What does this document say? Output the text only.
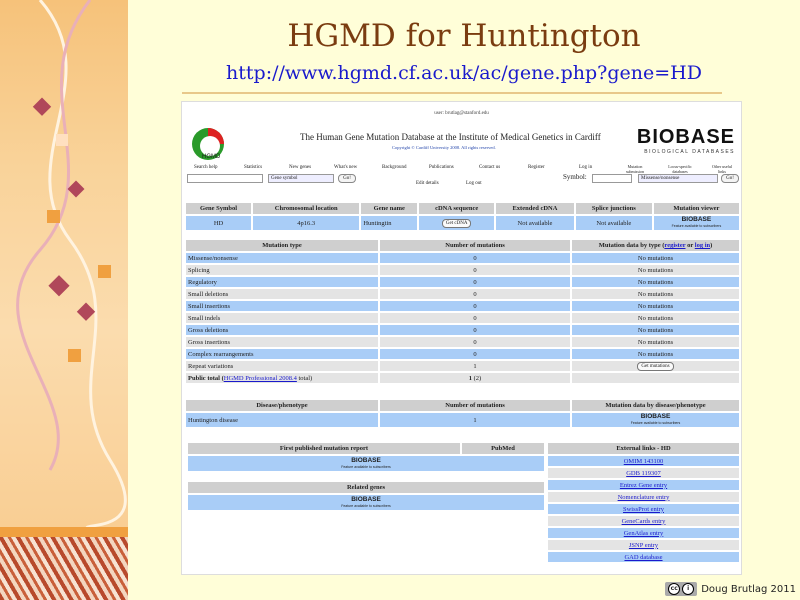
HGMD for Huntington
http://www.hgmd.cf.ac.uk/ac/gene.php?gene=HD
user: brutlag@stanford.edu
HGMD
The Human Gene Mutation Database at the Institute of Medical Genetics in Cardiff
Copyright © Cardiff University 2008. All rights reserved.	BIOBASE
BIOLOGICAL DATABASES
Search help	Statistics	New genes	What's new	Background	Publications	Contact us	Register	Log in	Mutation submission
Locus-specific databases
Other useful links
Gene symbol	Go!
Edit details	Log out
Symbol:	Missense/nonsense	Go!
Gene Symbol	Chromosomal location	Gene name	cDNA sequence	Extended cDNA	Splice junctions	Mutation viewer
HD	4p16.3	Huntingtin	Get cDNA	Not available	Not available	BIOBASE
Feature available to subscribers
Mutation type	Number of mutations	Mutation data by type (register or log in)
Missense/nonsense	0	No mutations
Splicing	0	No mutations
Regulatory	0	No mutations
Small deletions	0	No mutations
Small insertions	0	No mutations
Small indels	0	No mutations
Gross deletions	0	No mutations
Gross insertions	0	No mutations
Complex rearrangements	0	No mutations
Repeat variations	1	Get mutations
Public total (HGMD Professional 2008.4 total)	1 (2)	
Disease/phenotype	Number of mutations	Mutation data by disease/phenotype
Huntington disease	1	BIOBASE
Feature available to subscribers
First published mutation report	PubMed

BIOBASE
Feature available to subscribers
Related genes

BIOBASE
Feature available to subscribers
External links - HD
OMIM 143100
GDB 119307
Entrez Gene entry
Nomenclature entry
SwissProt entry
GeneCards entry
GenAtlas entry
JSNP entry
GAD database
cc	i	Doug Brutlag 2011
